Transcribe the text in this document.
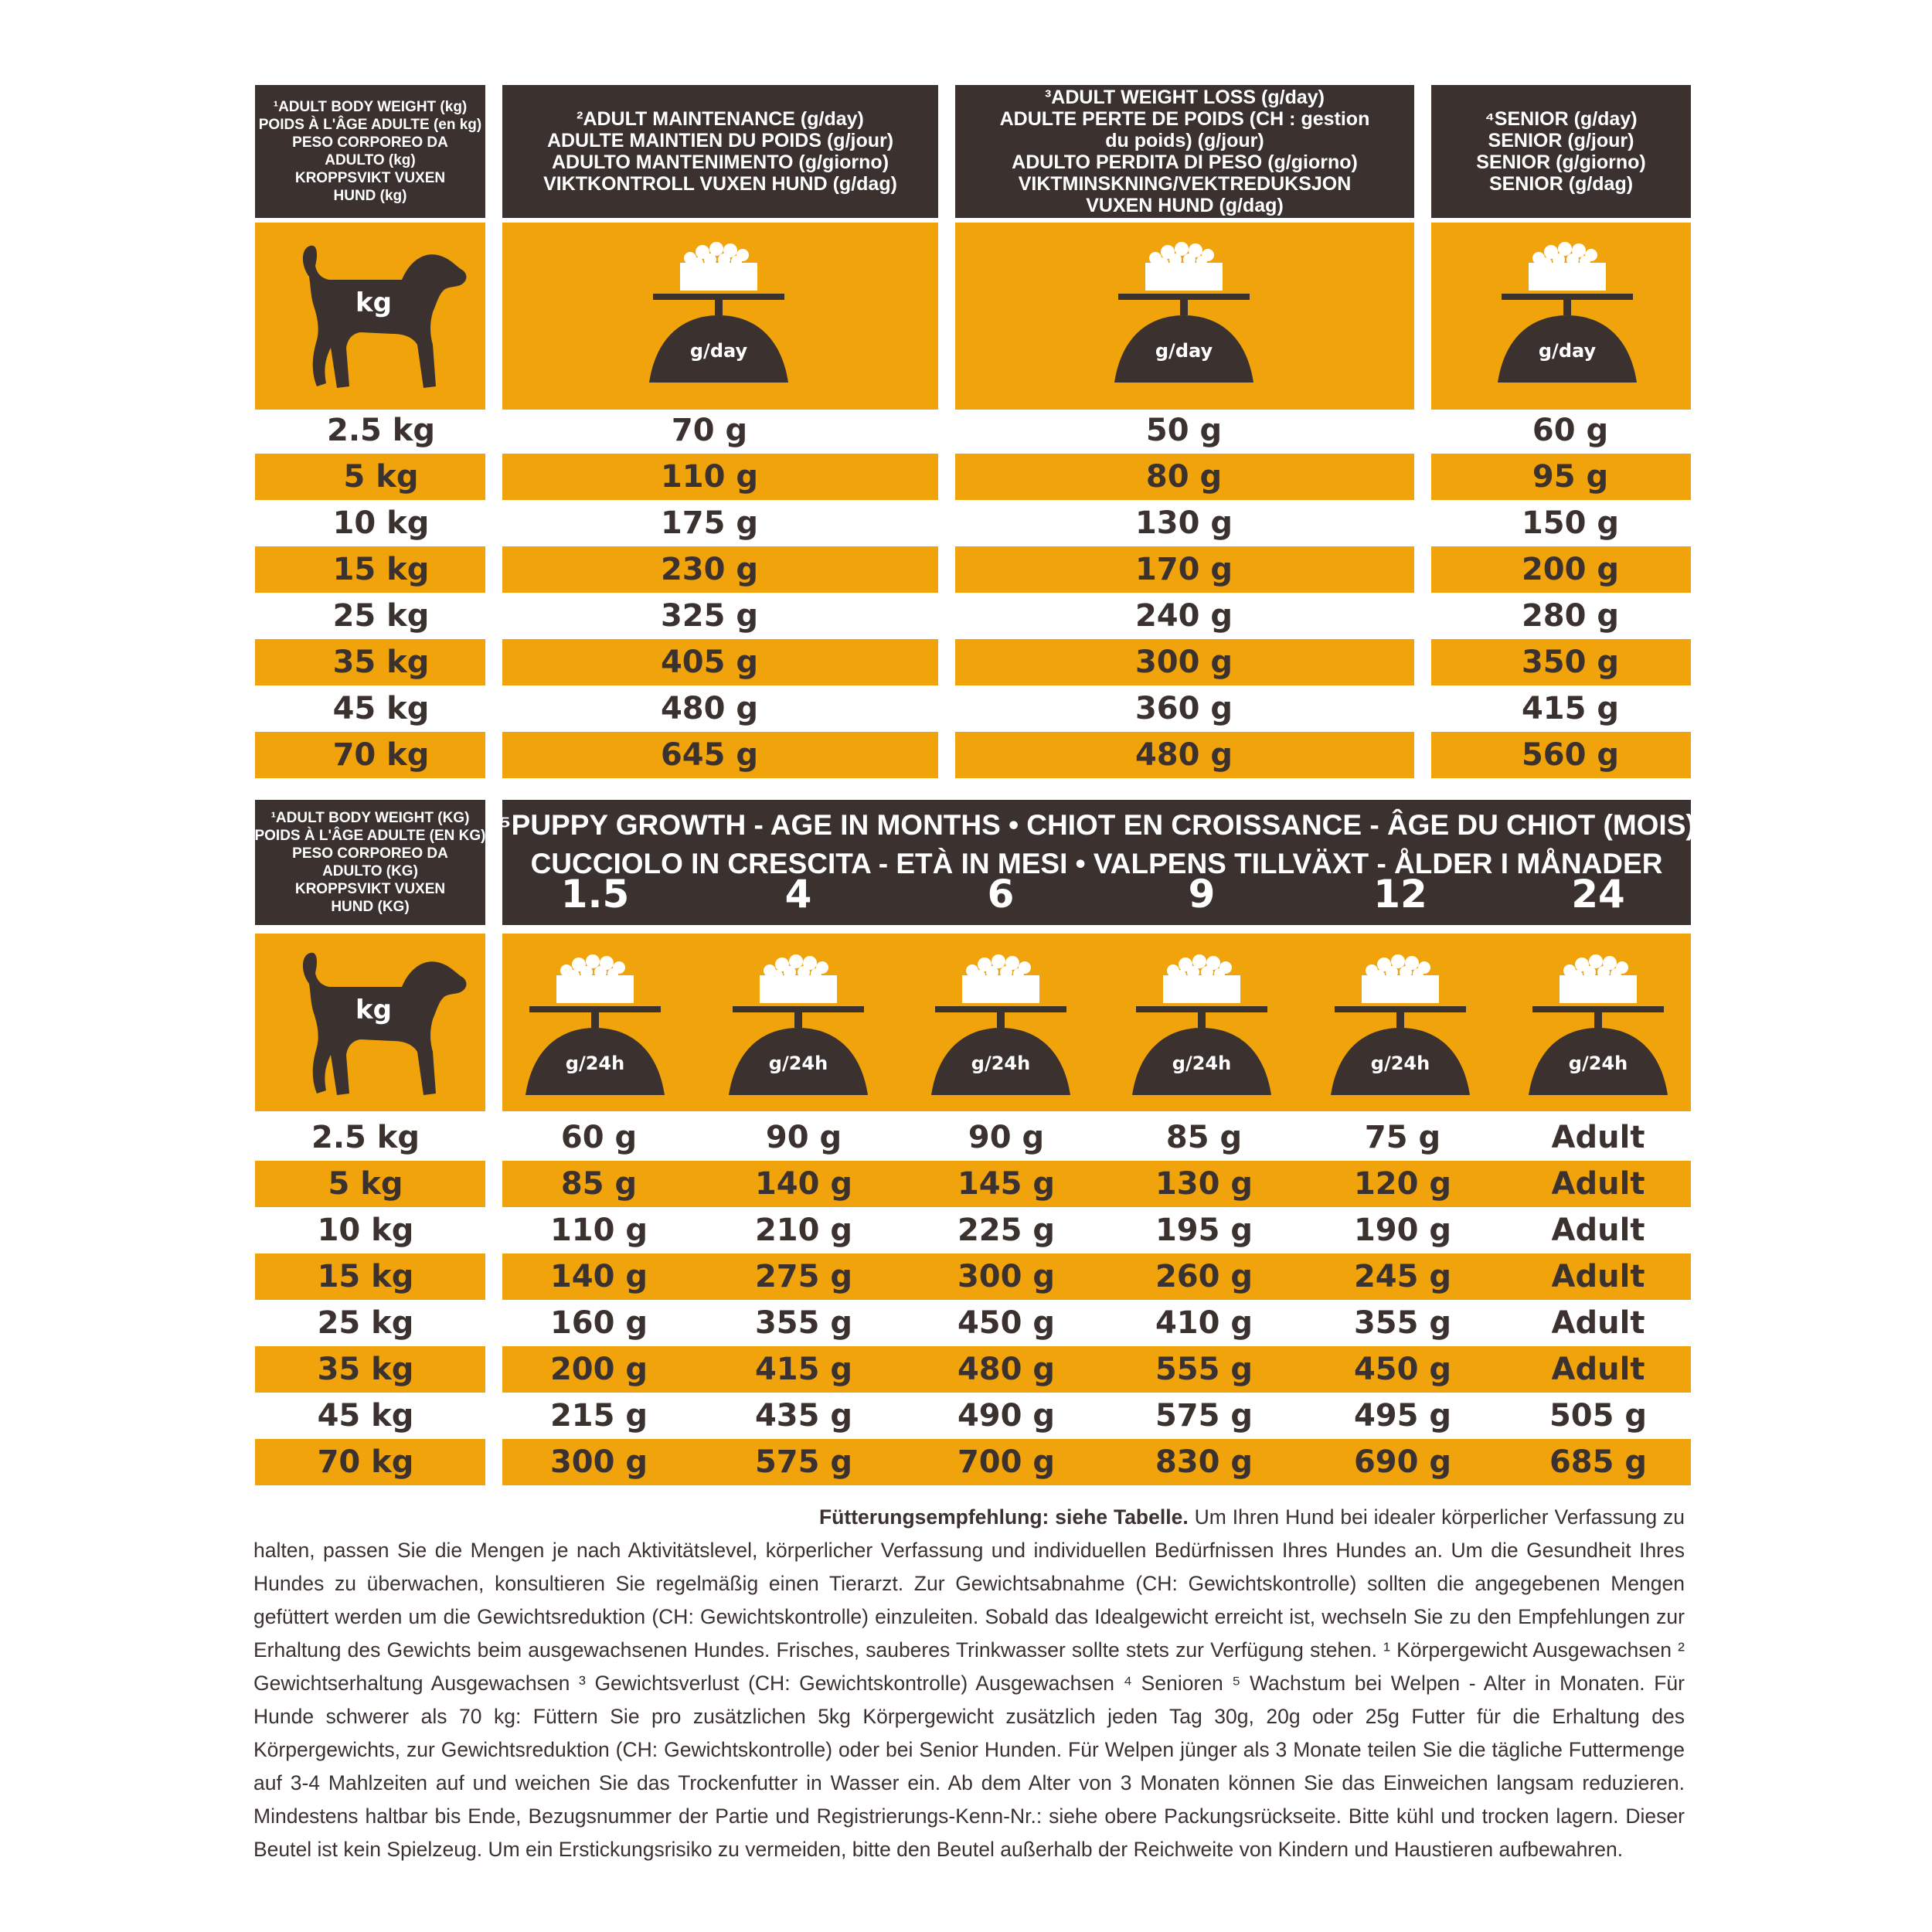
¹ADULT BODY WEIGHT (kg)
POIDS À L'ÂGE ADULTE (en kg)
PESO CORPOREO DA
ADULTO (kg)
KROPPSVIKT VUXEN
HUND (kg)
²ADULT MAINTENANCE (g/day)
ADULTE MAINTIEN DU POIDS (g/jour)
ADULTO MANTENIMENTO (g/giorno)
VIKTKONTROLL VUXEN HUND (g/dag)
³ADULT WEIGHT LOSS (g/day)
ADULTE PERTE DE POIDS (CH : gestion
du poids) (g/jour)
ADULTO PERDITA DI PESO (g/giorno)
VIKTMINSKNING/VEKTREDUKSJON
VUXEN HUND (g/dag)
⁴SENIOR (g/day)
SENIOR (g/jour)
SENIOR (g/giorno)
SENIOR (g/dag)
kg
g/day	g/day	g/day
2.5 kg	70 g	50 g	60 g
5 kg	110 g	80 g	95 g
10 kg	175 g	130 g	150 g
15 kg	230 g	170 g	200 g
25 kg	325 g	240 g	280 g
35 kg	405 g	300 g	350 g
45 kg	480 g	360 g	415 g
70 kg	645 g	480 g	560 g
¹ADULT BODY WEIGHT (KG)
POIDS À L'ÂGE ADULTE (EN KG)
PESO CORPOREO DA
ADULTO (KG)
KROPPSVIKT VUXEN
HUND (KG)
⁵PUPPY GROWTH - AGE IN MONTHS • CHIOT EN CROISSANCE - ÂGE DU CHIOT (MOIS)
CUCCIOLO IN CRESCITA - ETÀ IN MESI • VALPENS TILLVÄXT - ÅLDER I MÅNADER
1.5	4	6	9	12	24
kg
g/24h	g/24h	g/24h	g/24h	g/24h	g/24h
2.5 kg	60 g	90 g	90 g	85 g	75 g	Adult
5 kg	85 g	140 g	145 g	130 g	120 g	Adult
10 kg	110 g	210 g	225 g	195 g	190 g	Adult
15 kg	140 g	275 g	300 g	260 g	245 g	Adult
25 kg	160 g	355 g	450 g	410 g	355 g	Adult
35 kg	200 g	415 g	480 g	555 g	450 g	Adult
45 kg	215 g	435 g	490 g	575 g	495 g	505 g
70 kg	300 g	575 g	700 g	830 g	690 g	685 g
Fütterungsempfehlung: siehe Tabelle. Um Ihren Hund bei idealer körperlicher Verfassung zu halten, passen Sie die Mengen je nach Aktivitätslevel, körperlicher Verfassung und individuellen Bedürfnissen Ihres Hundes an. Um die Gesundheit Ihres Hundes zu überwachen, konsultieren Sie regelmäßig einen Tierarzt. Zur Gewichtsabnahme (CH: Gewichtskontrolle) sollten die angegebenen Mengen gefüttert werden um die Gewichtsreduktion (CH: Gewichtskontrolle) einzuleiten. Sobald das Idealgewicht erreicht ist, wechseln Sie zu den Empfehlungen zur Erhaltung des Gewichts beim ausgewachsenen Hundes. Frisches, sauberes Trinkwasser sollte stets zur Verfügung stehen. ¹ Körpergewicht Ausgewachsen ² Gewichtserhaltung Ausgewachsen ³ Gewichtsverlust (CH: Gewichtskontrolle) Ausgewachsen ⁴ Senioren ⁵ Wachstum bei Welpen - Alter in Monaten. Für Hunde schwerer als 70 kg: Füttern Sie pro zusätzlichen 5kg Körpergewicht zusätzlich jeden Tag 30g, 20g oder 25g Futter für die Erhaltung des Körpergewichts, zur Gewichtsreduktion (CH: Gewichtskontrolle) oder bei Senior Hunden. Für Welpen jünger als 3 Monate teilen Sie die tägliche Futtermenge auf 3-4 Mahlzeiten auf und weichen Sie das Trockenfutter in Wasser ein. Ab dem Alter von 3 Monaten können Sie das Einweichen langsam reduzieren. Mindestens haltbar bis Ende, Bezugsnummer der Partie und Registrierungs-Kenn-Nr.: siehe obere Packungsrückseite. Bitte kühl und trocken lagern. Dieser Beutel ist kein Spielzeug. Um ein Erstickungsrisiko zu vermeiden, bitte den Beutel außerhalb der Reichweite von Kindern und Haustieren aufbewahren.
